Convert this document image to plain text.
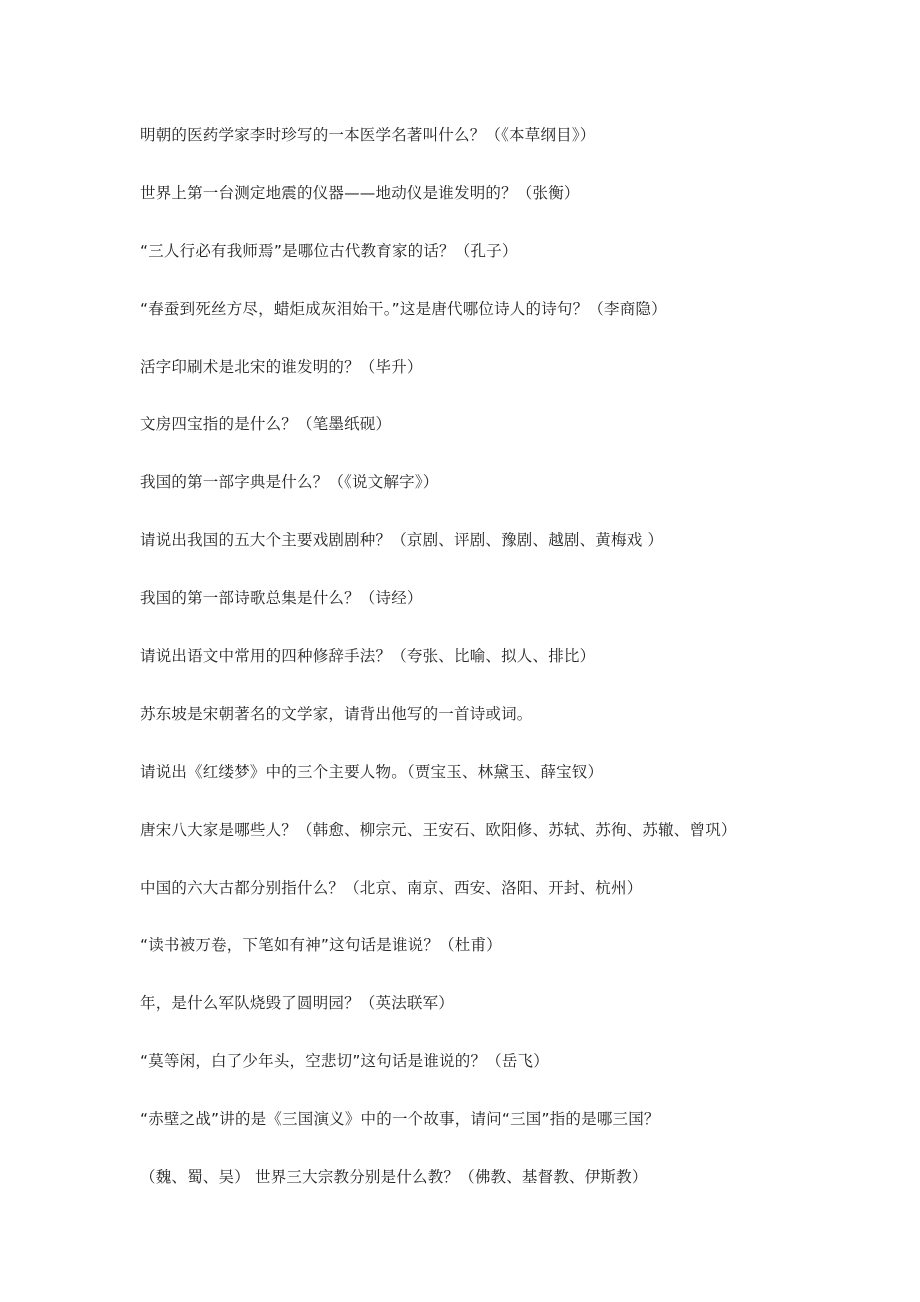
明朝的医药学家李时珍写的一本医学名著叫什么？（《本草纲目》）
世界上第一台测定地震的仪器——地动仪是谁发明的？（张衡）
“三人行必有我师焉”是哪位古代教育家的话？（孔子）
“春蚕到死丝方尽，蜡炬成灰泪始干。”这是唐代哪位诗人的诗句？（李商隐）
活字印刷术是北宋的谁发明的？（毕升）
文房四宝指的是什么？（笔墨纸砚）
我国的第一部字典是什么？（《说文解字》）
请说出我国的五大个主要戏剧剧种？（京剧、评剧、豫剧、越剧、黄梅戏 ）
我国的第一部诗歌总集是什么？（诗经）
请说出语文中常用的四种修辞手法？（夸张、比喻、拟人、排比）
苏东坡是宋朝著名的文学家，请背出他写的一首诗或词。
请说出《红缕梦》中的三个主要人物。（贾宝玉、林黛玉、薛宝钗）
唐宋八大家是哪些人？（韩愈、柳宗元、王安石、欧阳修、苏轼、苏徇、苏辙、曾巩）
中国的六大古都分别指什么？（北京、南京、西安、洛阳、开封、杭州）
“读书被万卷，下笔如有神”这句话是谁说？（杜甫）
年，是什么军队烧毁了圆明园？（英法联军）
“莫等闲，白了少年头，空悲切”这句话是谁说的？（岳飞）
“赤壁之战”讲的是《三国演义》中的一个故事，请问“三国”指的是哪三国？
（魏、蜀、吴） 世界三大宗教分别是什么教？（佛教、基督教、伊斯教）
